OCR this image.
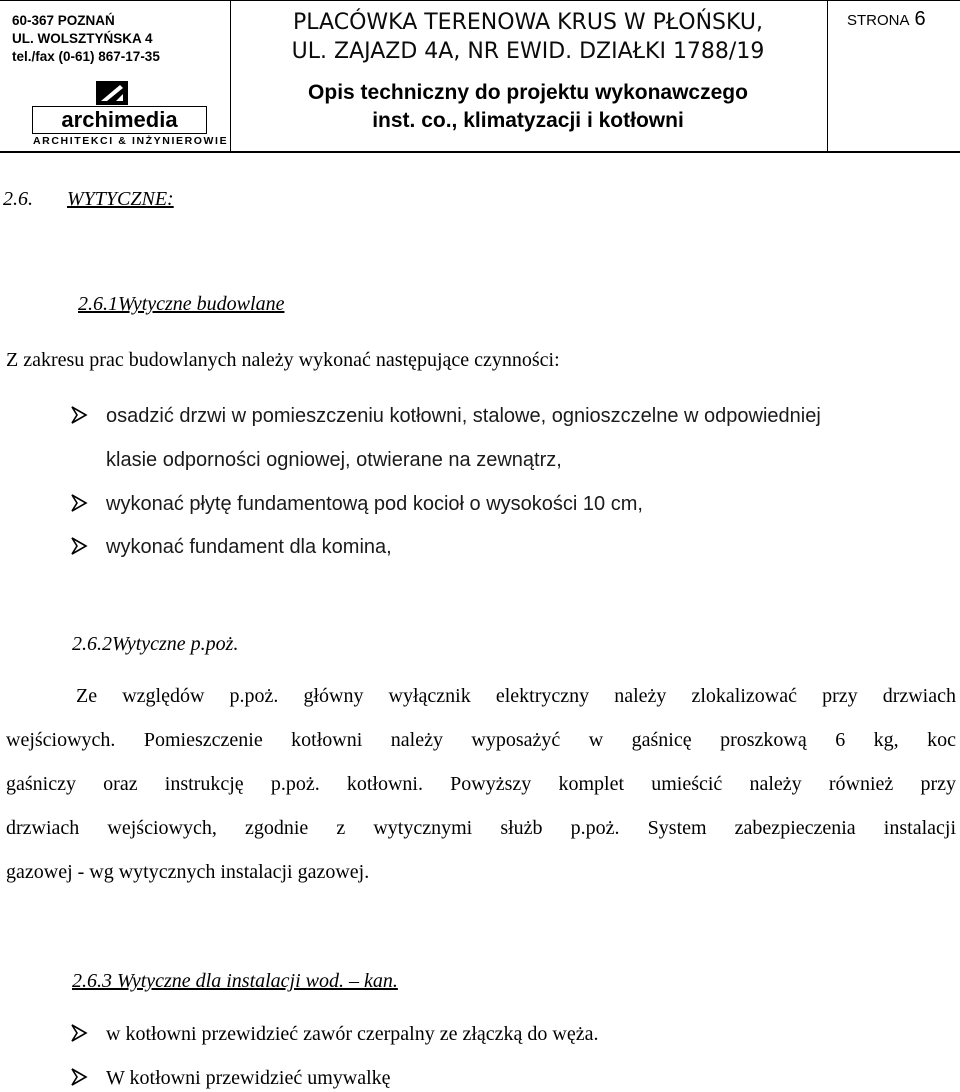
60-367 POZNAŃ
UL. WOLSZTYŃSKA 4
tel./fax (0-61) 867-17-35
archimedia
ARCHITEKCI & INŻYNIEROWIE
PLACÓWKA TERENOWA KRUS W PŁOŃSKU,
UL. ZAJAZD 4A, NR EWID. DZIAŁKI 1788/19
Opis techniczny do projektu wykonawczego
inst. co., klimatyzacji i kotłowni
STRONA 6
2.6. WYTYCZNE:
2.6.1Wytyczne budowlane
Z zakresu prac budowlanych należy wykonać następujące czynności:
osadzić drzwi w pomieszczeniu kotłowni, stalowe, ognioszczelne w odpowiedniej
klasie odporności ogniowej, otwierane na zewnątrz,
wykonać płytę fundamentową pod kocioł o wysokości 10 cm,
wykonać fundament dla komina,
2.6.2Wytyczne p.poż.
Ze względów p.poż. główny wyłącznik elektryczny należy zlokalizować przy drzwiach
wejściowych. Pomieszczenie kotłowni należy wyposażyć w gaśnicę proszkową 6 kg, koc
gaśniczy oraz instrukcję p.poż. kotłowni. Powyższy komplet umieścić należy również przy
drzwiach wejściowych, zgodnie z wytycznymi służb p.poż. System zabezpieczenia instalacji
gazowej - wg wytycznych instalacji gazowej.
2.6.3 Wytyczne dla instalacji wod. – kan.
w kotłowni przewidzieć zawór czerpalny ze złączką do węża.
W kotłowni przewidzieć umywalkę
